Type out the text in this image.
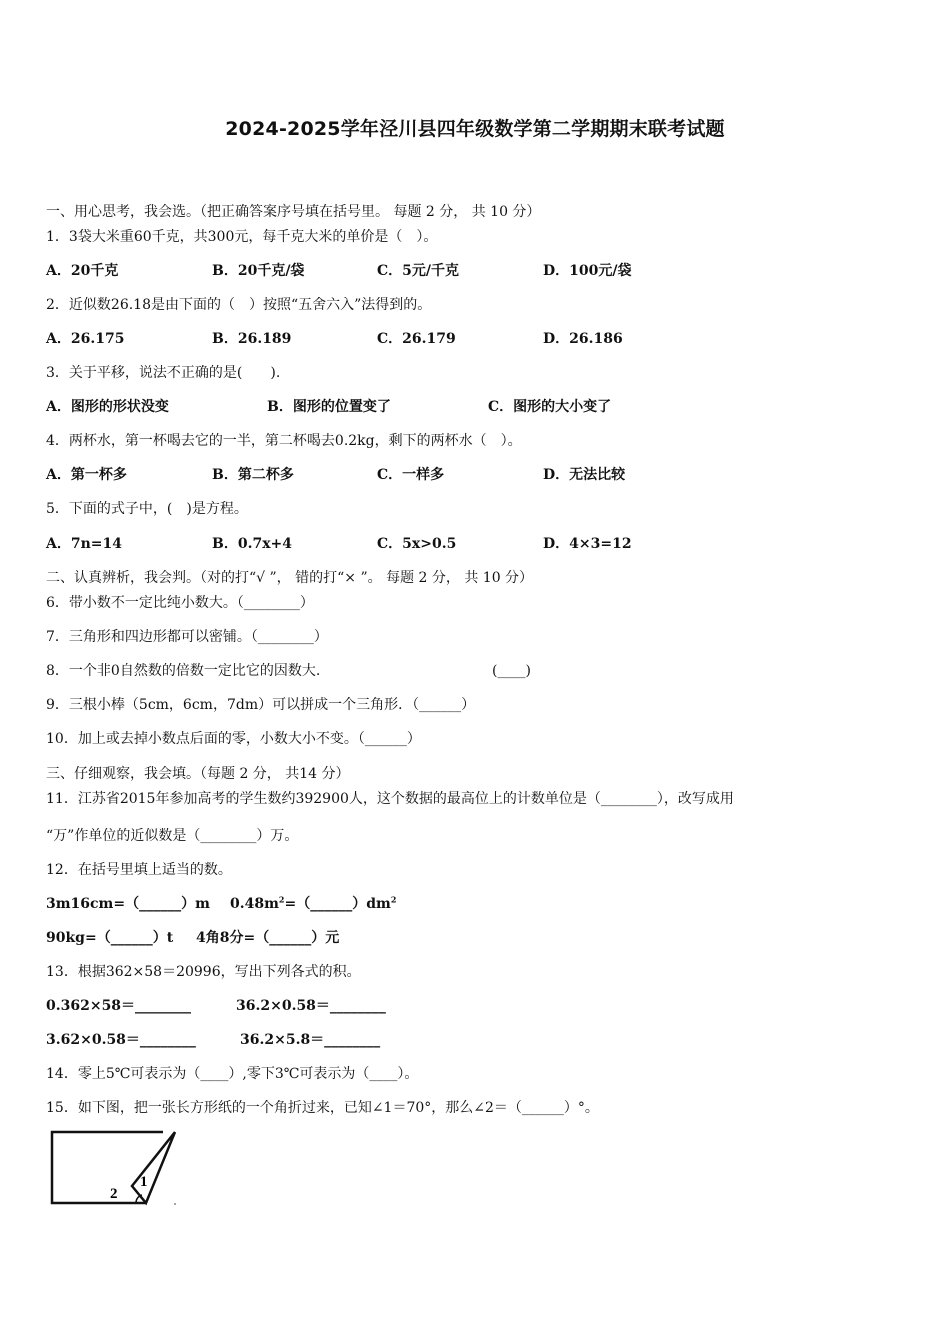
2024-2025学年泾川县四年级数学第二学期期末联考试题
一、用心思考，我会选。（把正确答案序号填在括号里。 每题 2 分， 共 10 分）
1．3袋大米重60千克，共300元，每千克大米的单价是（　）。
A．20千克	B．20千克/袋	C．5元/千克	D．100元/袋
2．近似数26.18是由下面的（　）按照“五舍六入”法得到的。
A．26.175	B．26.189	C．26.179	D．26.186
3．关于平移，说法不正确的是(　　).
A．图形的形状没变	B．图形的位置变了	C．图形的大小变了
4．两杯水，第一杯喝去它的一半，第二杯喝去0.2kg，剩下的两杯水（　）。
A．第一杯多	B．第二杯多	C．一样多	D．无法比较
5．下面的式子中，(　)是方程。
A．7n=14	B．0.7x+4	C．5x>0.5	D．4×3=12
二、认真辨析，我会判。（对的打“√ ”， 错的打“× ”。 每题 2 分， 共 10 分）
6．带小数不一定比纯小数大。（________）
7．三角形和四边形都可以密铺。（________）
8．一个非0自然数的倍数一定比它的因数大.	(____)
9．三根小棒（5cm，6cm，7dm）可以拼成一个三角形．（______）
10．加上或去掉小数点后面的零，小数大小不变。（______）
三、仔细观察，我会填。（每题 2 分， 共14 分）
11．江苏省2015年参加高考的学生数约392900人，这个数据的最高位上的计数单位是（________），改写成用
“万”作单位的近似数是（________）万。
12．在括号里填上适当的数。
3m16cm=（______）m $0.48m^2=(\_\_\_\_\_\_)dm^2$
90kg=（______）t 4角8分=（______）元
13．根据362×58＝20996，写出下列各式的积。
0.362×58＝________	36.2×0.58＝________
3.62×0.58＝________	36.2×5.8＝________
14．零上5℃可表示为（____）,零下3℃可表示为（____）。
15．如下图，把一张长方形纸的一个角折过来，已知∠1＝70°，那么∠2＝（______）°。
1
2
